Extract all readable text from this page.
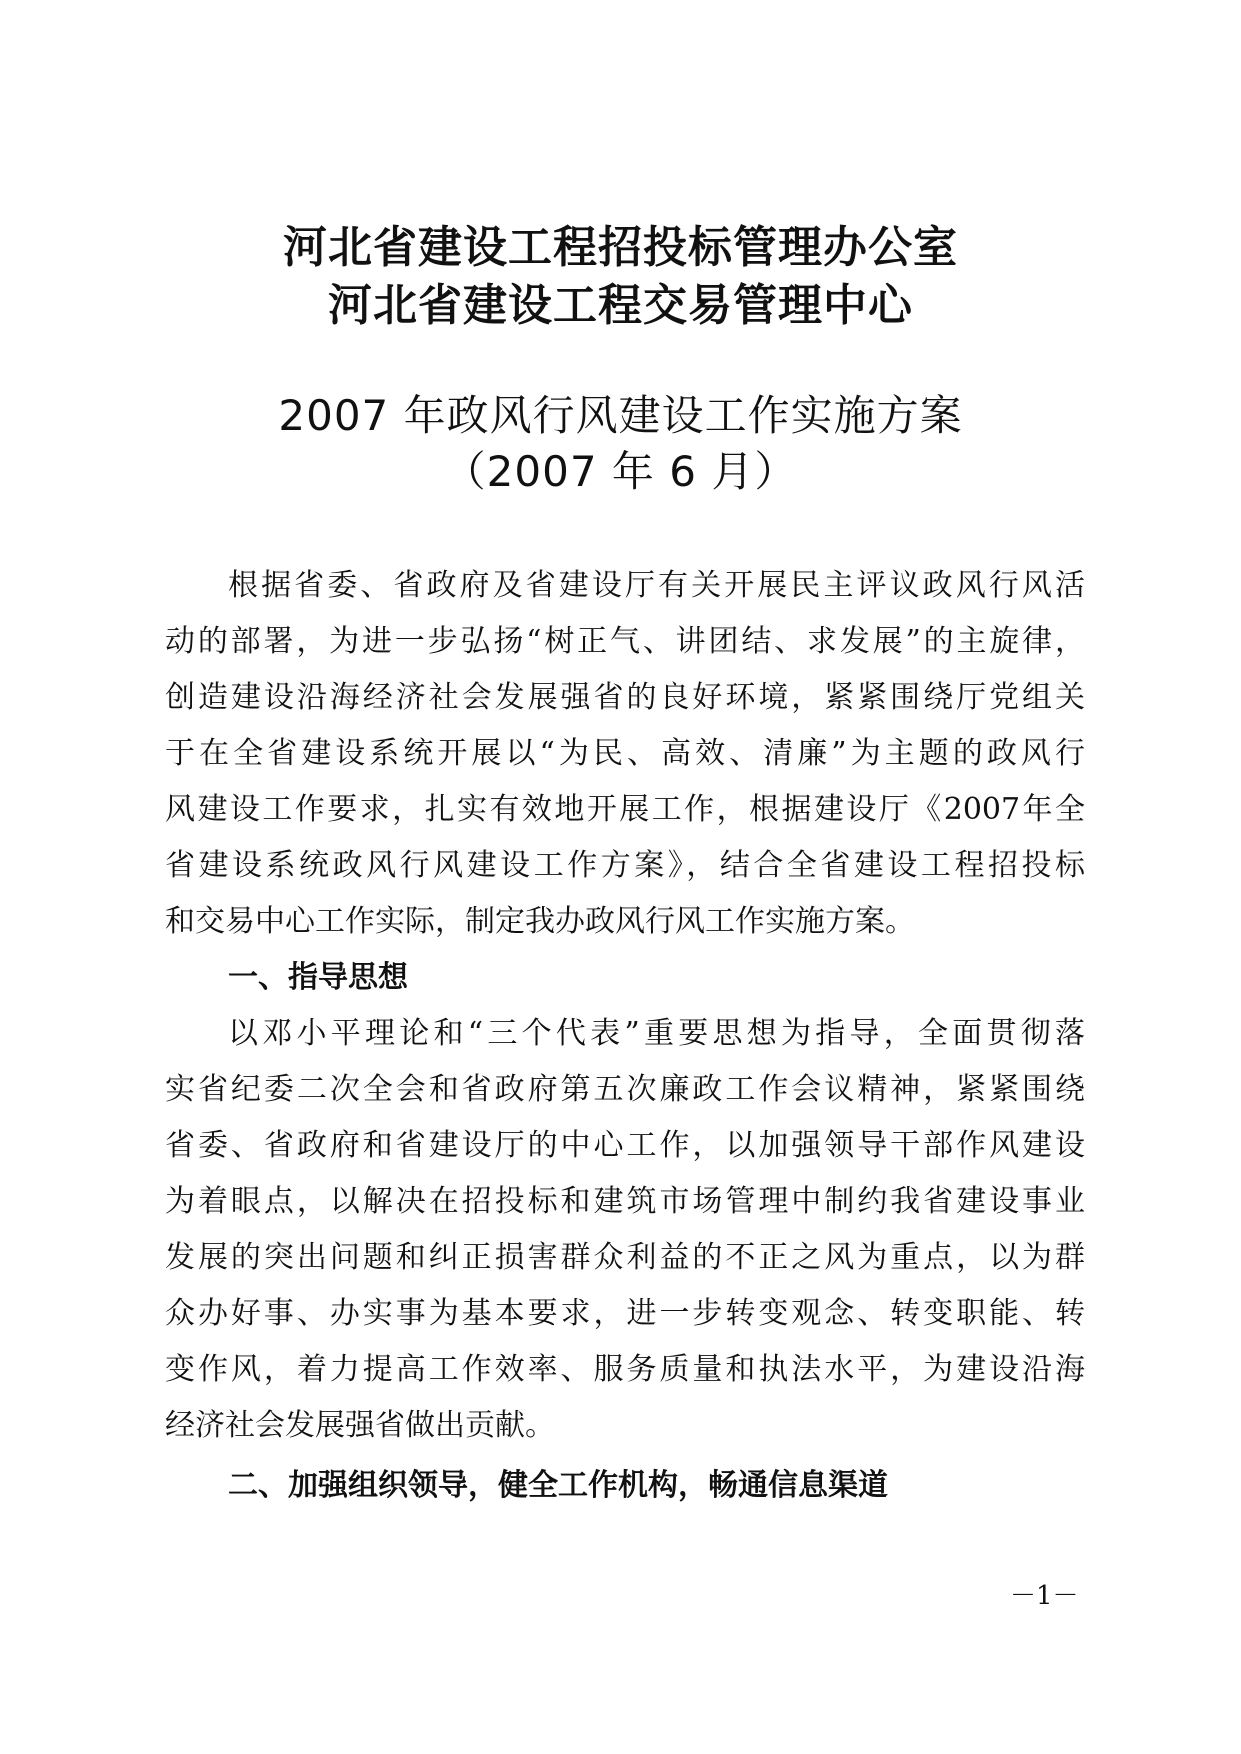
河北省建设工程招投标管理办公室
河北省建设工程交易管理中心
2007 年政风行风建设工作实施方案
（2007 年 6 月）
根据省委、省政府及省建设厅有关开展民主评议政风行风活
动的部署，为进一步弘扬“树正气、讲团结、求发展”的主旋律，
创造建设沿海经济社会发展强省的良好环境，紧紧围绕厅党组关
于在全省建设系统开展以“为民、高效、清廉”为主题的政风行
风建设工作要求，扎实有效地开展工作，根据建设厅《2007年全
省建设系统政风行风建设工作方案》，结合全省建设工程招投标
和交易中心工作实际，制定我办政风行风工作实施方案。
一、指导思想
以邓小平理论和“三个代表”重要思想为指导，全面贯彻落
实省纪委二次全会和省政府第五次廉政工作会议精神，紧紧围绕
省委、省政府和省建设厅的中心工作，以加强领导干部作风建设
为着眼点，以解决在招投标和建筑市场管理中制约我省建设事业
发展的突出问题和纠正损害群众利益的不正之风为重点，以为群
众办好事、办实事为基本要求，进一步转变观念、转变职能、转
变作风，着力提高工作效率、服务质量和执法水平，为建设沿海
经济社会发展强省做出贡献。
二、加强组织领导，健全工作机构，畅通信息渠道
－1－
